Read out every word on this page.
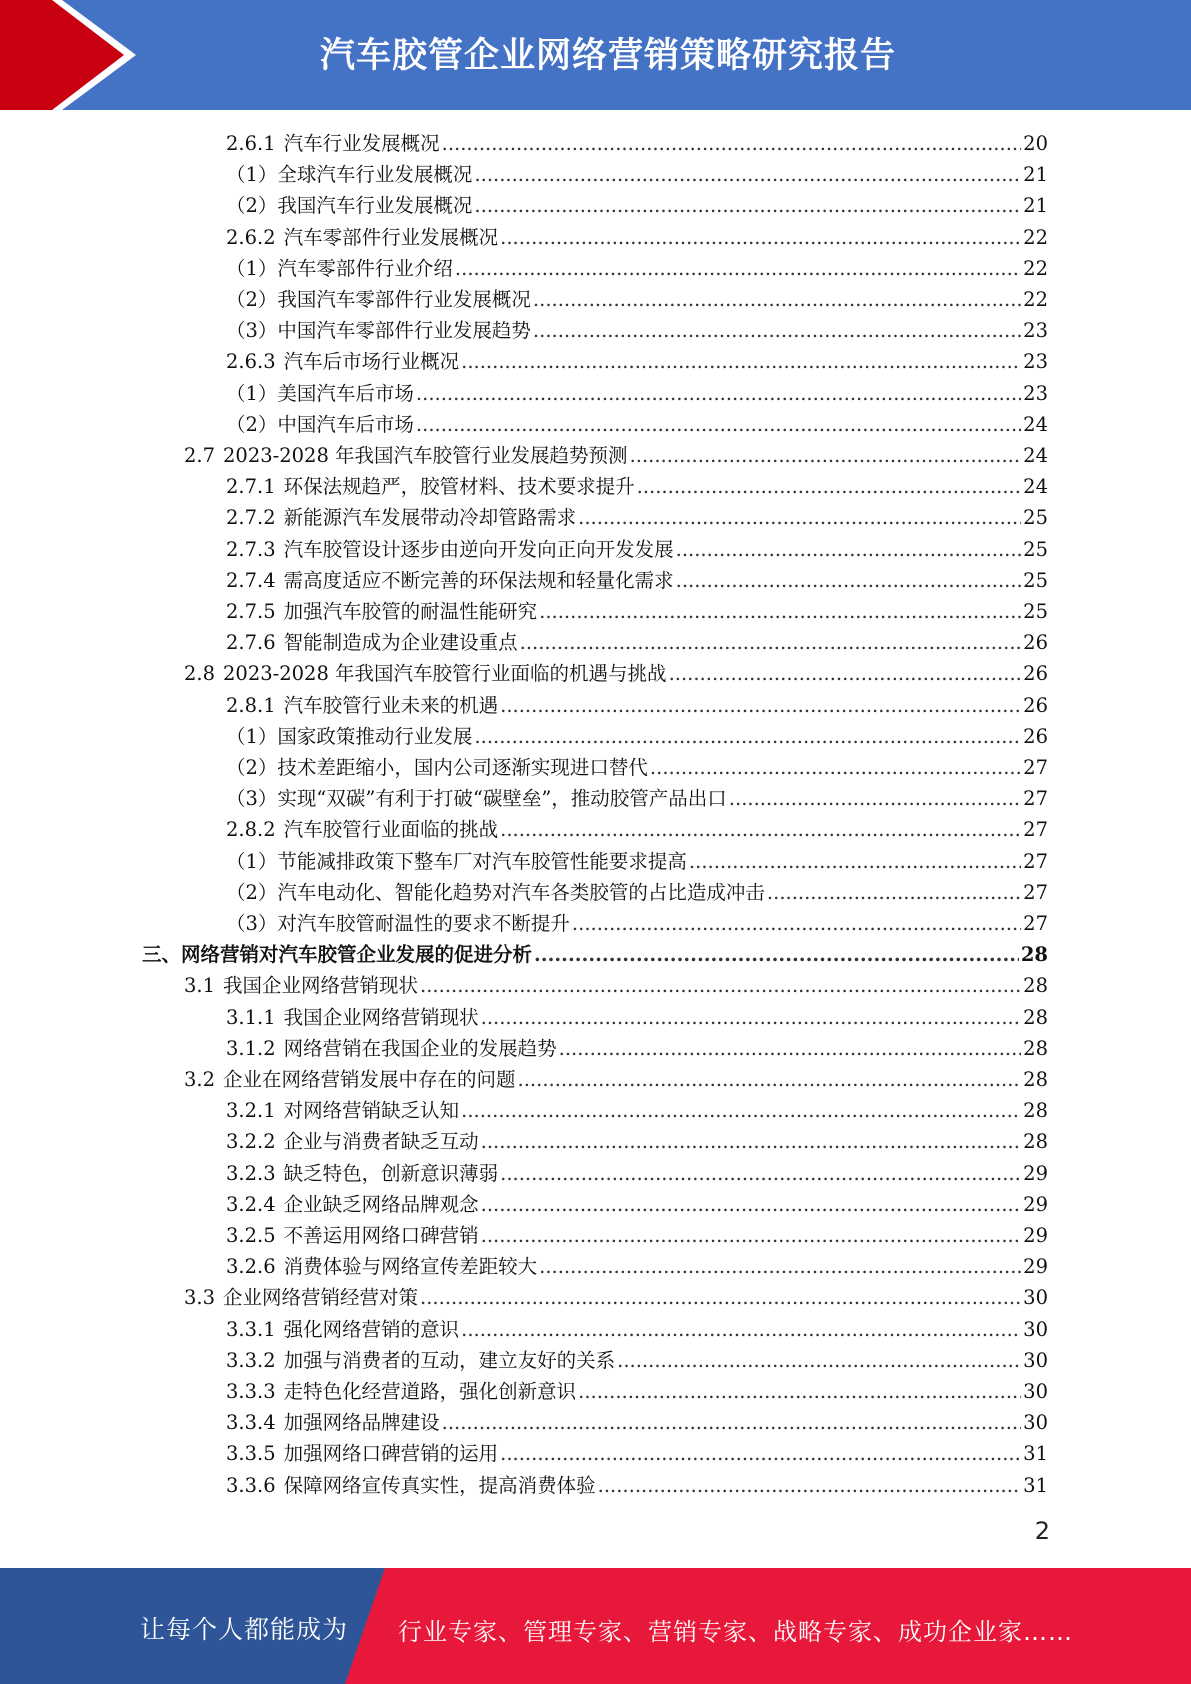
汽车胶管企业网络营销策略研究报告
2.6.1 汽车行业发展概况 .....	20
（1）全球汽车行业发展概况 .....	21
（2）我国汽车行业发展概况 .....	21
2.6.2 汽车零部件行业发展概况 .....	22
（1）汽车零部件行业介绍 .....	22
（2）我国汽车零部件行业发展概况 .....	22
（3）中国汽车零部件行业发展趋势 .....	23
2.6.3 汽车后市场行业概况 .....	23
（1）美国汽车后市场 .....	23
（2）中国汽车后市场 .....	24
2.7 2023-2028 年我国汽车胶管行业发展趋势预测 .....	24
2.7.1 环保法规趋严，胶管材料、技术要求提升 .....	24
2.7.2 新能源汽车发展带动冷却管路需求 .....	25
2.7.3 汽车胶管设计逐步由逆向开发向正向开发发展 .....	25
2.7.4 需高度适应不断完善的环保法规和轻量化需求 .....	25
2.7.5 加强汽车胶管的耐温性能研究 .....	25
2.7.6 智能制造成为企业建设重点 .....	26
2.8 2023-2028 年我国汽车胶管行业面临的机遇与挑战 .....	26
2.8.1 汽车胶管行业未来的机遇 .....	26
（1）国家政策推动行业发展 .....	26
（2）技术差距缩小，国内公司逐渐实现进口替代 .....	27
（3）实现“双碳”有利于打破“碳壁垒”，推动胶管产品出口 .....	27
2.8.2 汽车胶管行业面临的挑战 .....	27
（1）节能减排政策下整车厂对汽车胶管性能要求提高 .....	27
（2）汽车电动化、智能化趋势对汽车各类胶管的占比造成冲击 .....	27
（3）对汽车胶管耐温性的要求不断提升 .....	27
三、网络营销对汽车胶管企业发展的促进分析 .....	28
3.1 我国企业网络营销现状 .....	28
3.1.1 我国企业网络营销现状 .....	28
3.1.2 网络营销在我国企业的发展趋势 .....	28
3.2 企业在网络营销发展中存在的问题 .....	28
3.2.1 对网络营销缺乏认知 .....	28
3.2.2 企业与消费者缺乏互动 .....	28
3.2.3 缺乏特色，创新意识薄弱 .....	29
3.2.4 企业缺乏网络品牌观念 .....	29
3.2.5 不善运用网络口碑营销 .....	29
3.2.6 消费体验与网络宣传差距较大 .....	29
3.3 企业网络营销经营对策 .....	30
3.3.1 强化网络营销的意识 .....	30
3.3.2 加强与消费者的互动，建立友好的关系 .....	30
3.3.3 走特色化经营道路，强化创新意识 .....	30
3.3.4 加强网络品牌建设 .....	30
3.3.5 加强网络口碑营销的运用 .....	31
3.3.6 保障网络宣传真实性，提高消费体验 .....	31
2
让每个人都能成为 行业专家、管理专家、营销专家、战略专家、成功企业家……
